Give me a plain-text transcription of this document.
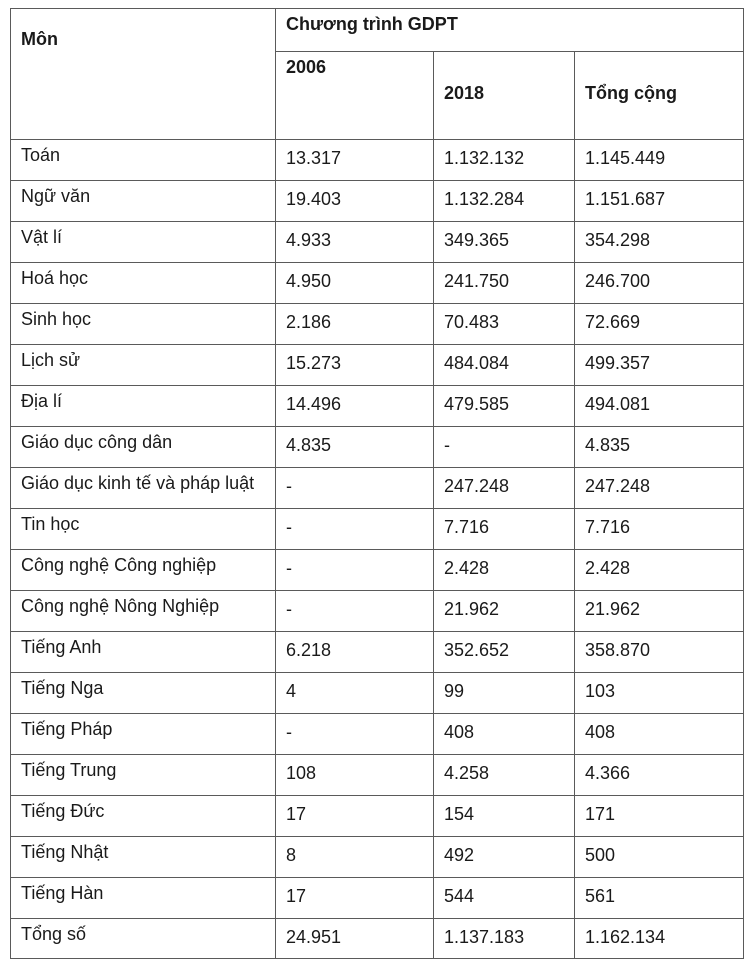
Môn	Chương trình GDPT		
	2006	2018	Tổng cộng
Toán	13.317	1.132.132	1.145.449
Ngữ văn	19.403	1.132.284	1.151.687
Vật lí	4.933	349.365	354.298
Hoá học	4.950	241.750	246.700
Sinh học	2.186	70.483	72.669
Lịch sử	15.273	484.084	499.357
Địa lí	14.496	479.585	494.081
Giáo dục công dân	4.835	-	4.835
Giáo dục kinh tế và pháp luật	-	247.248	247.248
Tin học	-	7.716	7.716
Công nghệ Công nghiệp	-	2.428	2.428
Công nghệ Nông Nghiệp	-	21.962	21.962
Tiếng Anh	6.218	352.652	358.870
Tiếng Nga	4	99	103
Tiếng Pháp	-	408	408
Tiếng Trung	108	4.258	4.366
Tiếng Đức	17	154	171
Tiếng Nhật	8	492	500
Tiếng Hàn	17	544	561
Tổng số	24.951	1.137.183	1.162.134
